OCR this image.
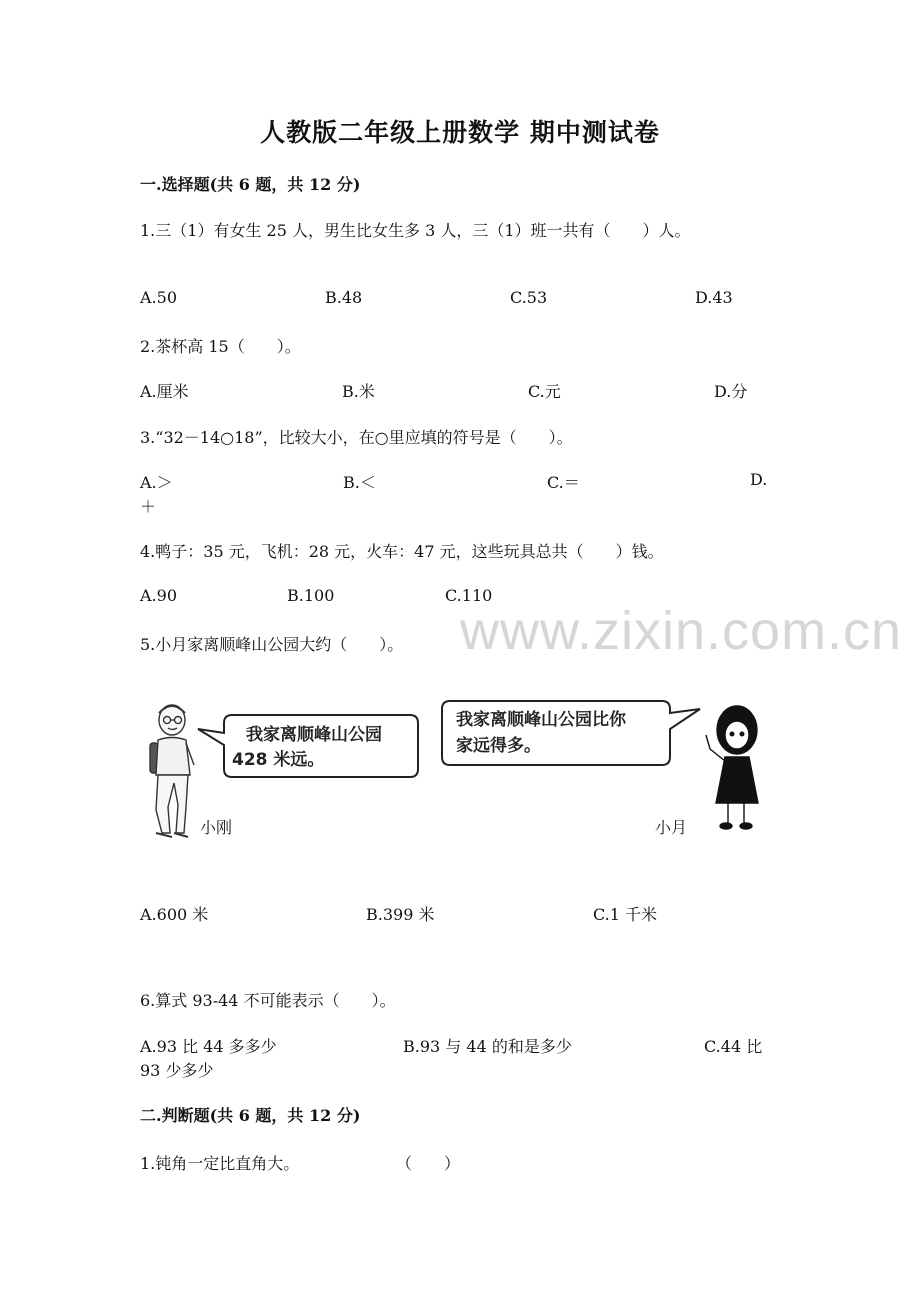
人教版二年级上册数学 期中测试卷
www.zixin.com.cn
一.选择题(共 6 题，共 12 分)
1.三（1）有女生 25 人，男生比女生多 3 人，三（1）班一共有（　　）人。
A.50	B.48	C.53	D.43
2.茶杯高 15（　　）。
A.厘米	B.米	C.元	D.分
3.“32－14○18”，比较大小，在○里应填的符号是（　　）。
A.＞	B.＜	C.＝	D.
＋
4.鸭子：35 元，飞机：28 元，火车：47 元，这些玩具总共（　　）钱。
A.90	B.100	C.110
5.小月家离顺峰山公园大约（　　）。
我家离顺峰山公园
428 米远。
小刚
我家离顺峰山公园比你
家远得多。
小月
A.600 米	B.399 米	C.1 千米
6.算式 93-44 不可能表示（　　）。
A.93 比 44 多多少	B.93 与 44 的和是多少	C.44 比
93 少多少
二.判断题(共 6 题，共 12 分)
1.钝角一定比直角大。	（　　）
